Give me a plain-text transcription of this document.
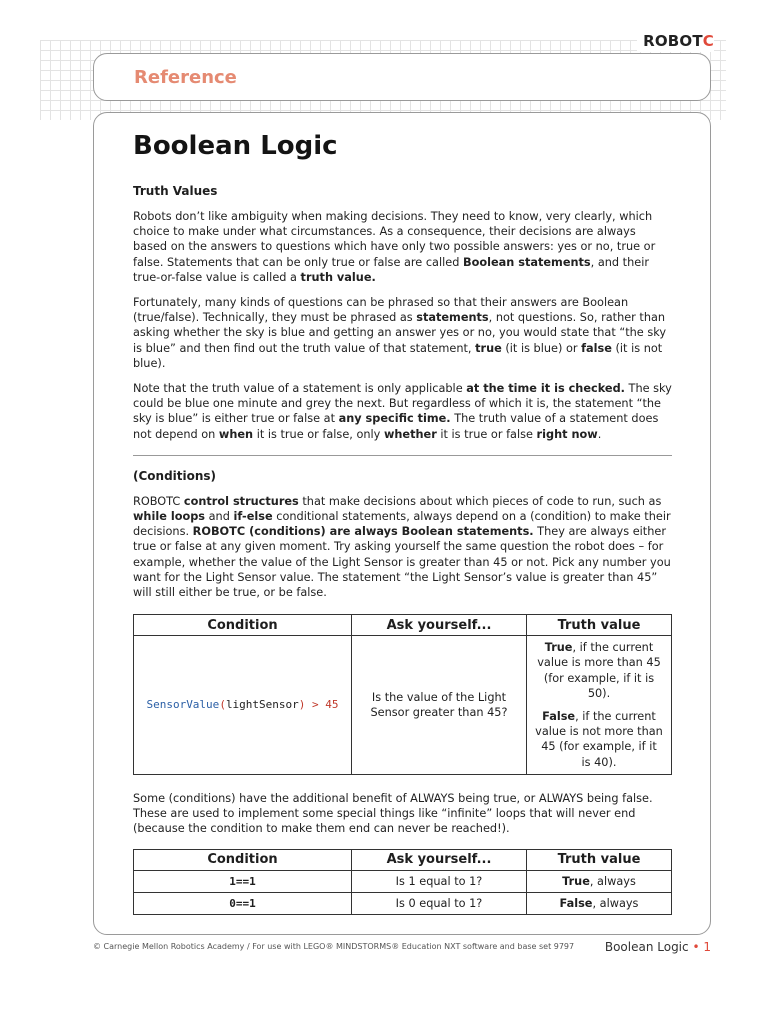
ROBOTC
Reference
Boolean Logic
Truth Values

Robots don’t like ambiguity when making decisions. They need to know, very clearly, which choice to make under what circumstances. As a consequence, their decisions are always based on the answers to questions which have only two possible answers: yes or no, true or false. Statements that can be only true or false are called Boolean statements, and their true-or-false value is called a truth value.

Fortunately, many kinds of questions can be phrased so that their answers are Boolean (true/false). Technically, they must be phrased as statements, not questions. So, rather than asking whether the sky is blue and getting an answer yes or no, you would state that “the sky is blue” and then find out the truth value of that statement, true (it is blue) or false (it is not blue).

Note that the truth value of a statement is only applicable at the time it is checked. The sky could be blue one minute and grey the next. But regardless of which it is, the statement “the sky is blue” is either true or false at any specific time. The truth value of a statement does not depend on when it is true or false, only whether it is true or false right now.

(Conditions)

ROBOTC control structures that make decisions about which pieces of code to run, such as while loops and if-else conditional statements, always depend on a (condition) to make their decisions. ROBOTC (conditions) are always Boolean statements. They are always either true or false at any given moment. Try asking yourself the same question the robot does – for example, whether the value of the Light Sensor is greater than 45 or not. Pick any number you want for the Light Sensor value. The statement “the Light Sensor’s value is greater than 45” will still either be true, or be false.

Condition	Ask yourself...	Truth value
SensorValue(lightSensor) > 45	Is the value of the Light Sensor greater than 45?	True, if the current value is more than 45 (for example, if it is 50).

False, if the current value is not more than 45 (for example, if it is 40).

Some (conditions) have the additional benefit of ALWAYS being true, or ALWAYS being false. These are used to implement some special things like “infinite” loops that will never end (because the condition to make them end can never be reached!).

Condition	Ask yourself...	Truth value
1==1	Is 1 equal to 1?	True, always
0==1	Is 0 equal to 1?	False, always
© Carnegie Mellon Robotics Academy / For use with LEGO® MINDSTORMS® Education NXT software and base set 9797	Boolean Logic • 1
